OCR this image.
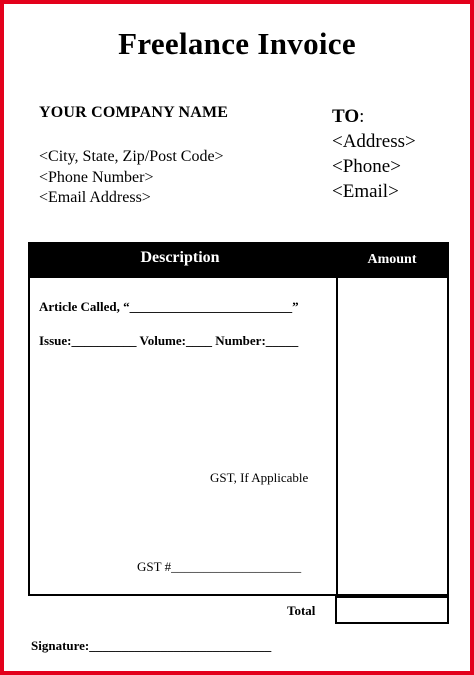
Freelance Invoice
YOUR COMPANY NAME
<City, State, Zip/Post Code>
<Phone Number>
<Email Address>
TO:
<Address>
<Phone>
<Email>
Description	Amount
Article Called, “_________________________”
Issue:__________ Volume:____ Number:_____
GST, If Applicable
GST #____________________
Total
Signature:____________________________
